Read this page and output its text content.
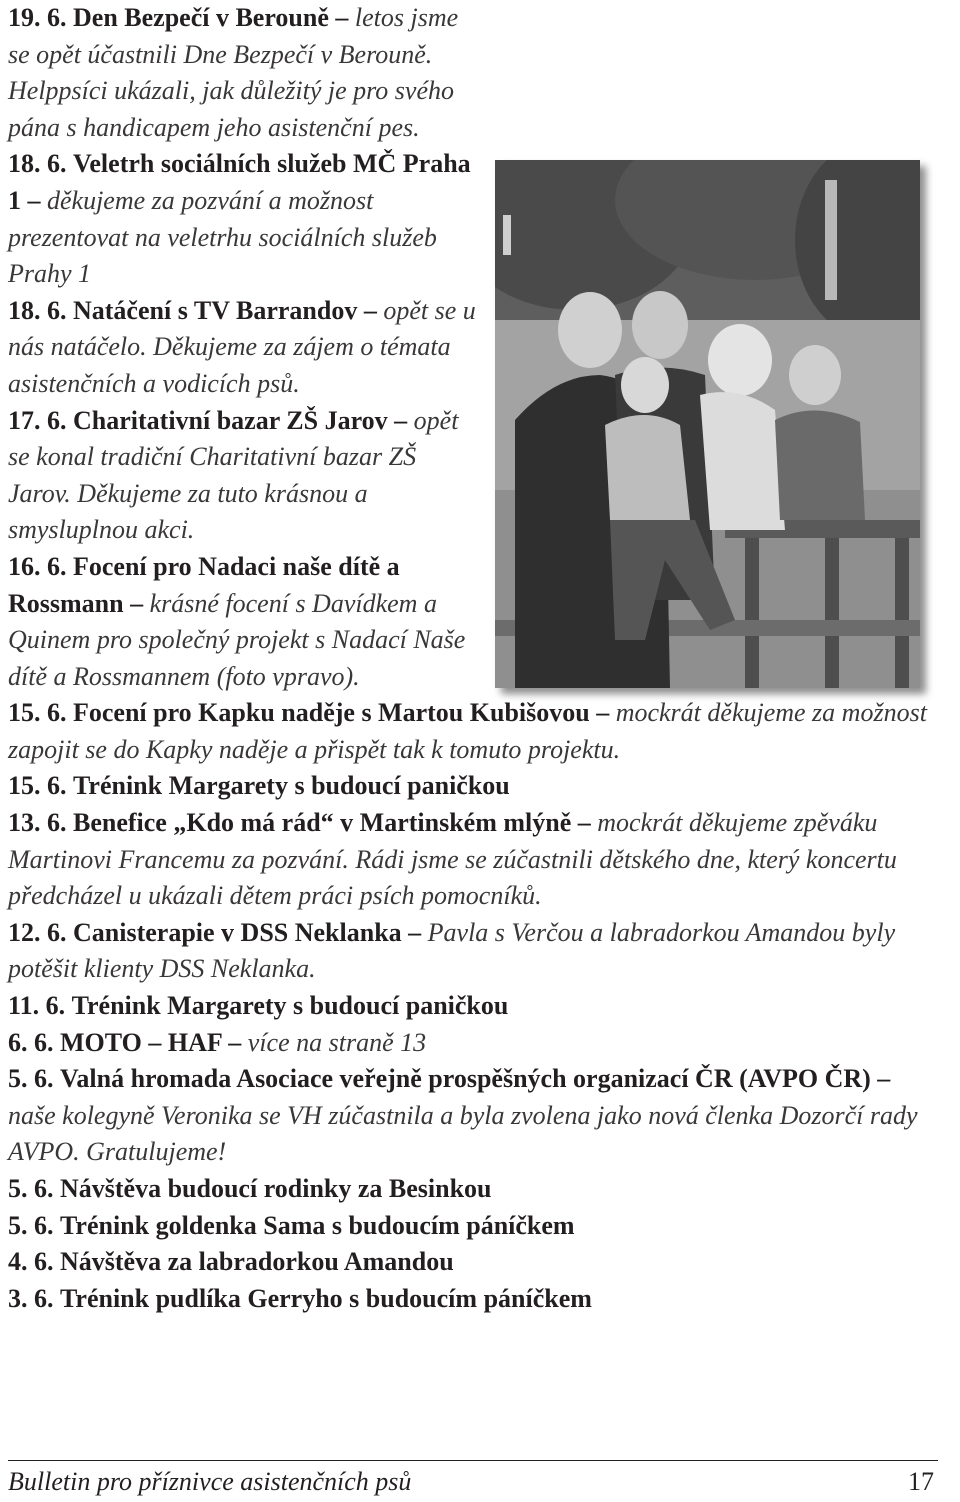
19. 6. Den Bezpečí v Berouně – letos jsme se opět účastnili Dne Bezpečí v Berouně. Helppsíci ukázali, jak důležitý je pro svého pána s handicapem jeho asistenční pes.

18. 6. Veletrh sociálních služeb MČ Praha 1 – děkujeme za pozvání a možnost prezentovat na veletrhu sociálních služeb Prahy 1

18. 6. Natáčení s TV Barrandov – opět se u nás natáčelo. Děkujeme za zájem o témata asistenčních a vodicích psů.

17. 6. Charitativní bazar ZŠ Jarov – opět se konal tradiční Charitativní bazar ZŠ Jarov. Děkujeme za tuto krásnou a smysluplnou akci.

16. 6. Focení pro Nadaci naše dítě a Rossmann – krásné focení s Davídkem a Quinem pro společný projekt s Nadací Naše dítě a Rossmannem (foto vpravo).

15. 6. Focení pro Kapku naděje s Martou Kubišovou – mockrát děkujeme za možnost zapojit se do Kapky naděje a přispět tak k tomuto projektu.

15. 6. Trénink Margarety s budoucí paničkou

13. 6. Benefice „Kdo má rád“ v Martinském mlýně – mockrát děkujeme zpěváku Martinovi Francemu za pozvání. Rádi jsme se zúčastnili dětského dne, který koncertu předcházel u ukázali dětem práci psích pomocníků.

12. 6. Canisterapie v DSS Neklanka – Pavla s Verčou a labradorkou Amandou byly potěšit klienty DSS Neklanka.

11. 6. Trénink Margarety s budoucí paničkou

6. 6. MOTO – HAF – více na straně 13

5. 6. Valná hromada Asociace veřejně prospěšných organizací ČR (AVPO ČR) – naše kolegyně Veronika se VH zúčastnila a byla zvolena jako nová členka Dozorčí rady AVPO. Gratulujeme!

5. 6. Návštěva budoucí rodinky za Besinkou

5. 6. Trénink goldenka Sama s budoucím páníčkem

4. 6. Návštěva za labradorkou Amandou

3. 6. Trénink pudlíka Gerryho s budoucím páníčkem

Bulletin pro příznivce asistenčních psů	17
